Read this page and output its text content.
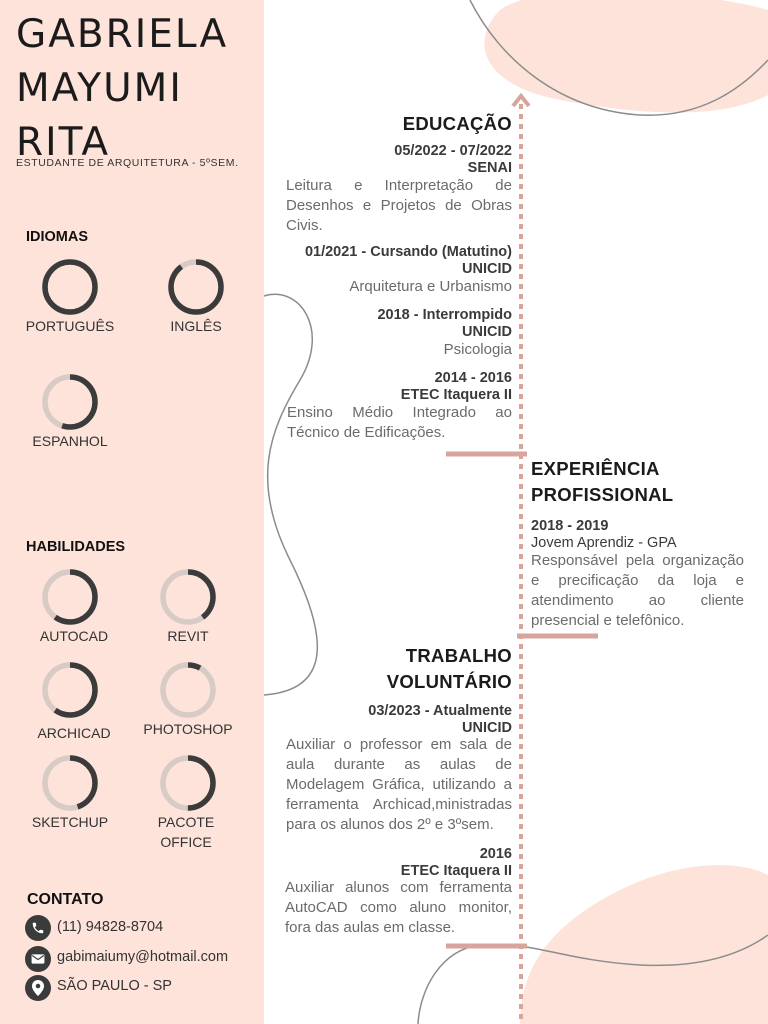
GABRIELA
MAYUMI
RITA
ESTUDANTE DE ARQUITETURA - 5ºSEM.
IDIOMAS
PORTUGUÊS	INGLÊS
ESPANHOL
HABILIDADES
AUTOCAD	REVIT
ARCHICAD	PHOTOSHOP
SKETCHUP	PACOTE OFFICE
CONTATO
(11) 94828-8704
gabimaiumy@hotmail.com
SÃO PAULO - SP
EDUCAÇÃO
05/2022 - 07/2022
SENAI
Leitura e Interpretação de Desenhos e Projetos de Obras Civis.
01/2021 - Cursando (Matutino)
UNICID
Arquitetura e Urbanismo
2018 - Interrompido
UNICID
Psicologia
2014 - 2016
ETEC Itaquera II
Ensino Médio Integrado ao Técnico de Edificações.
EXPERIÊNCIA
PROFISSIONAL
2018 - 2019
Jovem Aprendiz - GPA
Responsável pela organização e precificação da loja e atendimento ao cliente presencial e telefônico.
TRABALHO
VOLUNTÁRIO
03/2023 - Atualmente
UNICID
Auxiliar o professor em sala de aula durante as aulas de Modelagem Gráfica, utilizando a ferramenta Archicad,ministradas para os alunos dos 2º e 3ºsem.
2016
ETEC Itaquera II
Auxiliar alunos com ferramenta AutoCAD como aluno monitor, fora das aulas em classe.
